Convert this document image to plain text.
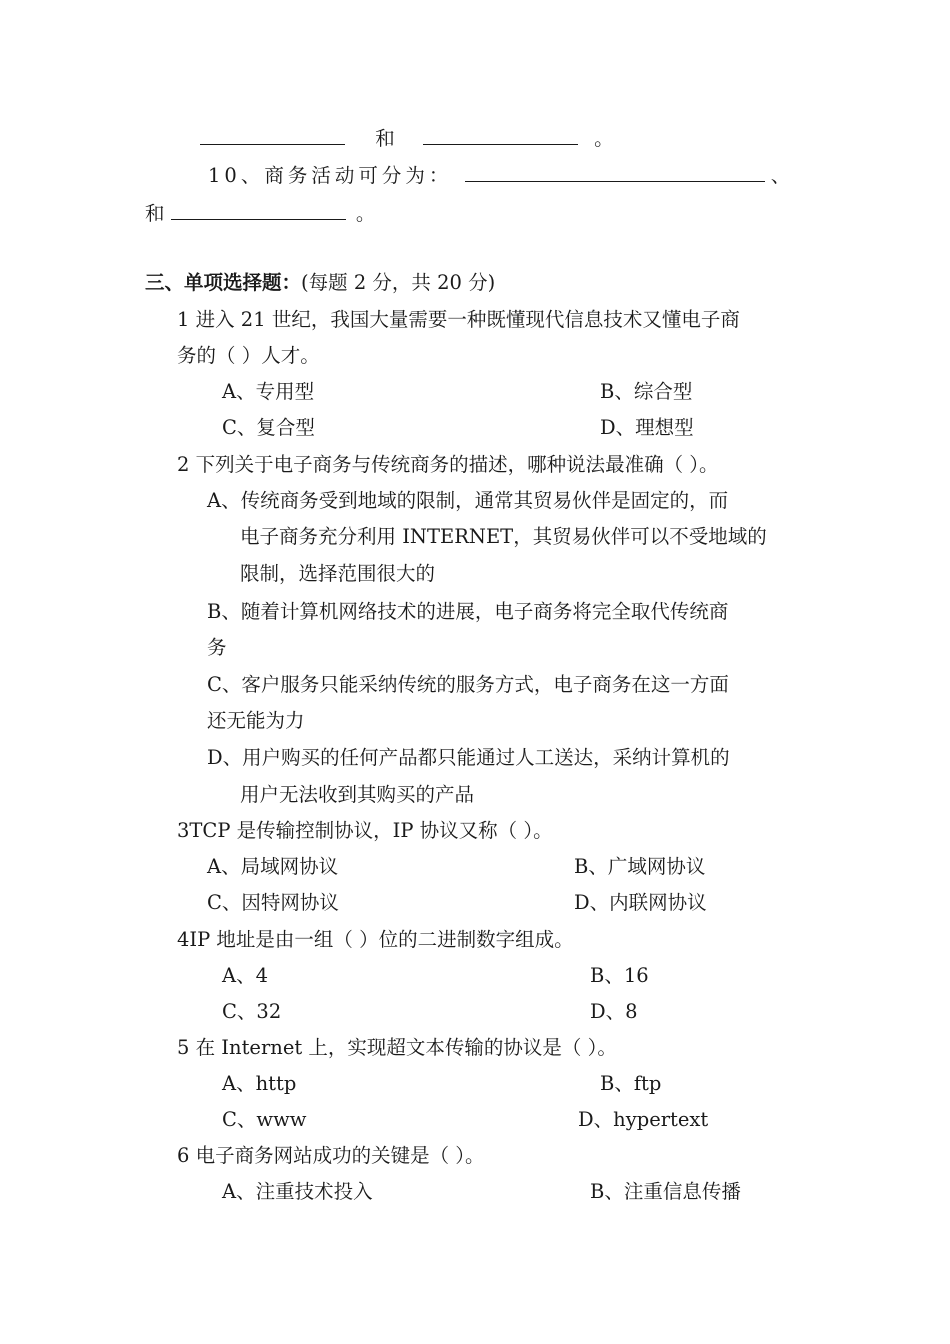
和	。
10、商务活动可分为：	、
和	。
三、单项选择题：(每题 2 分，共 20 分)
1 进入 21 世纪，我国大量需要一种既懂现代信息技术又懂电子商
务的（ ）人才。
A、专用型	B、综合型
C、复合型	D、理想型
2 下列关于电子商务与传统商务的描述，哪种说法最准确（ ）。
A、传统商务受到地域的限制，通常其贸易伙伴是固定的，而
电子商务充分利用 INTERNET，其贸易伙伴可以不受地域的
限制，选择范围很大的
B、随着计算机网络技术的进展，电子商务将完全取代传统商
务
C、客户服务只能采纳传统的服务方式，电子商务在这一方面
还无能为力
D、用户购买的任何产品都只能通过人工送达，采纳计算机的
用户无法收到其购买的产品
3TCP 是传输控制协议，IP 协议又称（ ）。
A、局域网协议	B、广域网协议
C、因特网协议	D、内联网协议
4IP 地址是由一组（ ）位的二进制数字组成。
A、4	B、16
C、32	D、8
5 在 Internet 上，实现超文本传输的协议是（ ）。
A、http	B、ftp
C、www	D、hypertext
6 电子商务网站成功的关键是（ ）。
A、注重技术投入	B、注重信息传播
